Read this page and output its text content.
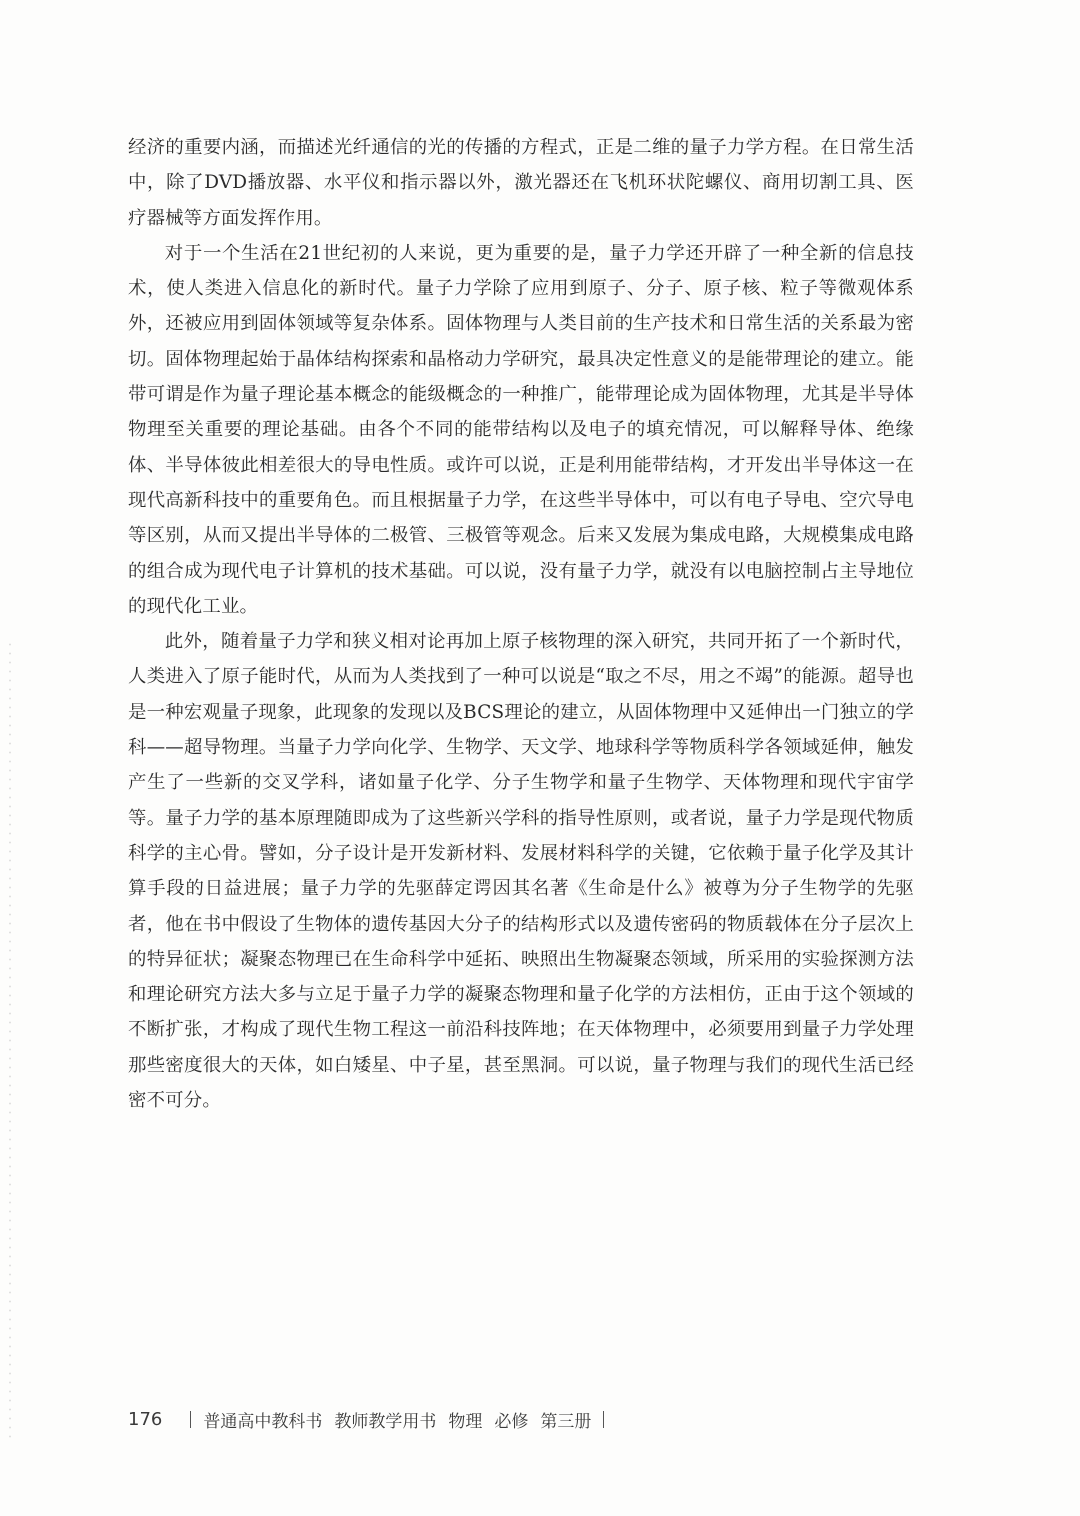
经济的重要内涵，而描述光纤通信的光的传播的方程式，正是二维的量子力学方程。在日常生活中，除了DVD播放器、水平仪和指示器以外，激光器还在飞机环状陀螺仪、商用切割工具、医疗器械等方面发挥作用。

对于一个生活在21世纪初的人来说，更为重要的是，量子力学还开辟了一种全新的信息技术，使人类进入信息化的新时代。量子力学除了应用到原子、分子、原子核、粒子等微观体系外，还被应用到固体领域等复杂体系。固体物理与人类目前的生产技术和日常生活的关系最为密切。固体物理起始于晶体结构探索和晶格动力学研究，最具决定性意义的是能带理论的建立。能带可谓是作为量子理论基本概念的能级概念的一种推广，能带理论成为固体物理，尤其是半导体物理至关重要的理论基础。由各个不同的能带结构以及电子的填充情况，可以解释导体、绝缘体、半导体彼此相差很大的导电性质。或许可以说，正是利用能带结构，才开发出半导体这一在现代高新科技中的重要角色。而且根据量子力学，在这些半导体中，可以有电子导电、空穴导电等区别，从而又提出半导体的二极管、三极管等观念。后来又发展为集成电路，大规模集成电路的组合成为现代电子计算机的技术基础。可以说，没有量子力学，就没有以电脑控制占主导地位的现代化工业。

此外，随着量子力学和狭义相对论再加上原子核物理的深入研究，共同开拓了一个新时代，人类进入了原子能时代，从而为人类找到了一种可以说是“取之不尽，用之不竭”的能源。超导也是一种宏观量子现象，此现象的发现以及BCS理论的建立，从固体物理中又延伸出一门独立的学科——超导物理。当量子力学向化学、生物学、天文学、地球科学等物质科学各领域延伸，触发产生了一些新的交叉学科，诸如量子化学、分子生物学和量子生物学、天体物理和现代宇宙学等。量子力学的基本原理随即成为了这些新兴学科的指导性原则，或者说，量子力学是现代物质科学的主心骨。譬如，分子设计是开发新材料、发展材料科学的关键，它依赖于量子化学及其计算手段的日益进展；量子力学的先驱薛定谔因其名著《生命是什么》被尊为分子生物学的先驱者，他在书中假设了生物体的遗传基因大分子的结构形式以及遗传密码的物质载体在分子层次上的特异征状；凝聚态物理已在生命科学中延拓、映照出生物凝聚态领域，所采用的实验探测方法和理论研究方法大多与立足于量子力学的凝聚态物理和量子化学的方法相仿，正由于这个领域的不断扩张，才构成了现代生物工程这一前沿科技阵地；在天体物理中，必须要用到量子力学处理那些密度很大的天体，如白矮星、中子星，甚至黑洞。可以说，量子物理与我们的现代生活已经密不可分。

176 普通高中教科书 教师教学用书 物理 必修 第三册
